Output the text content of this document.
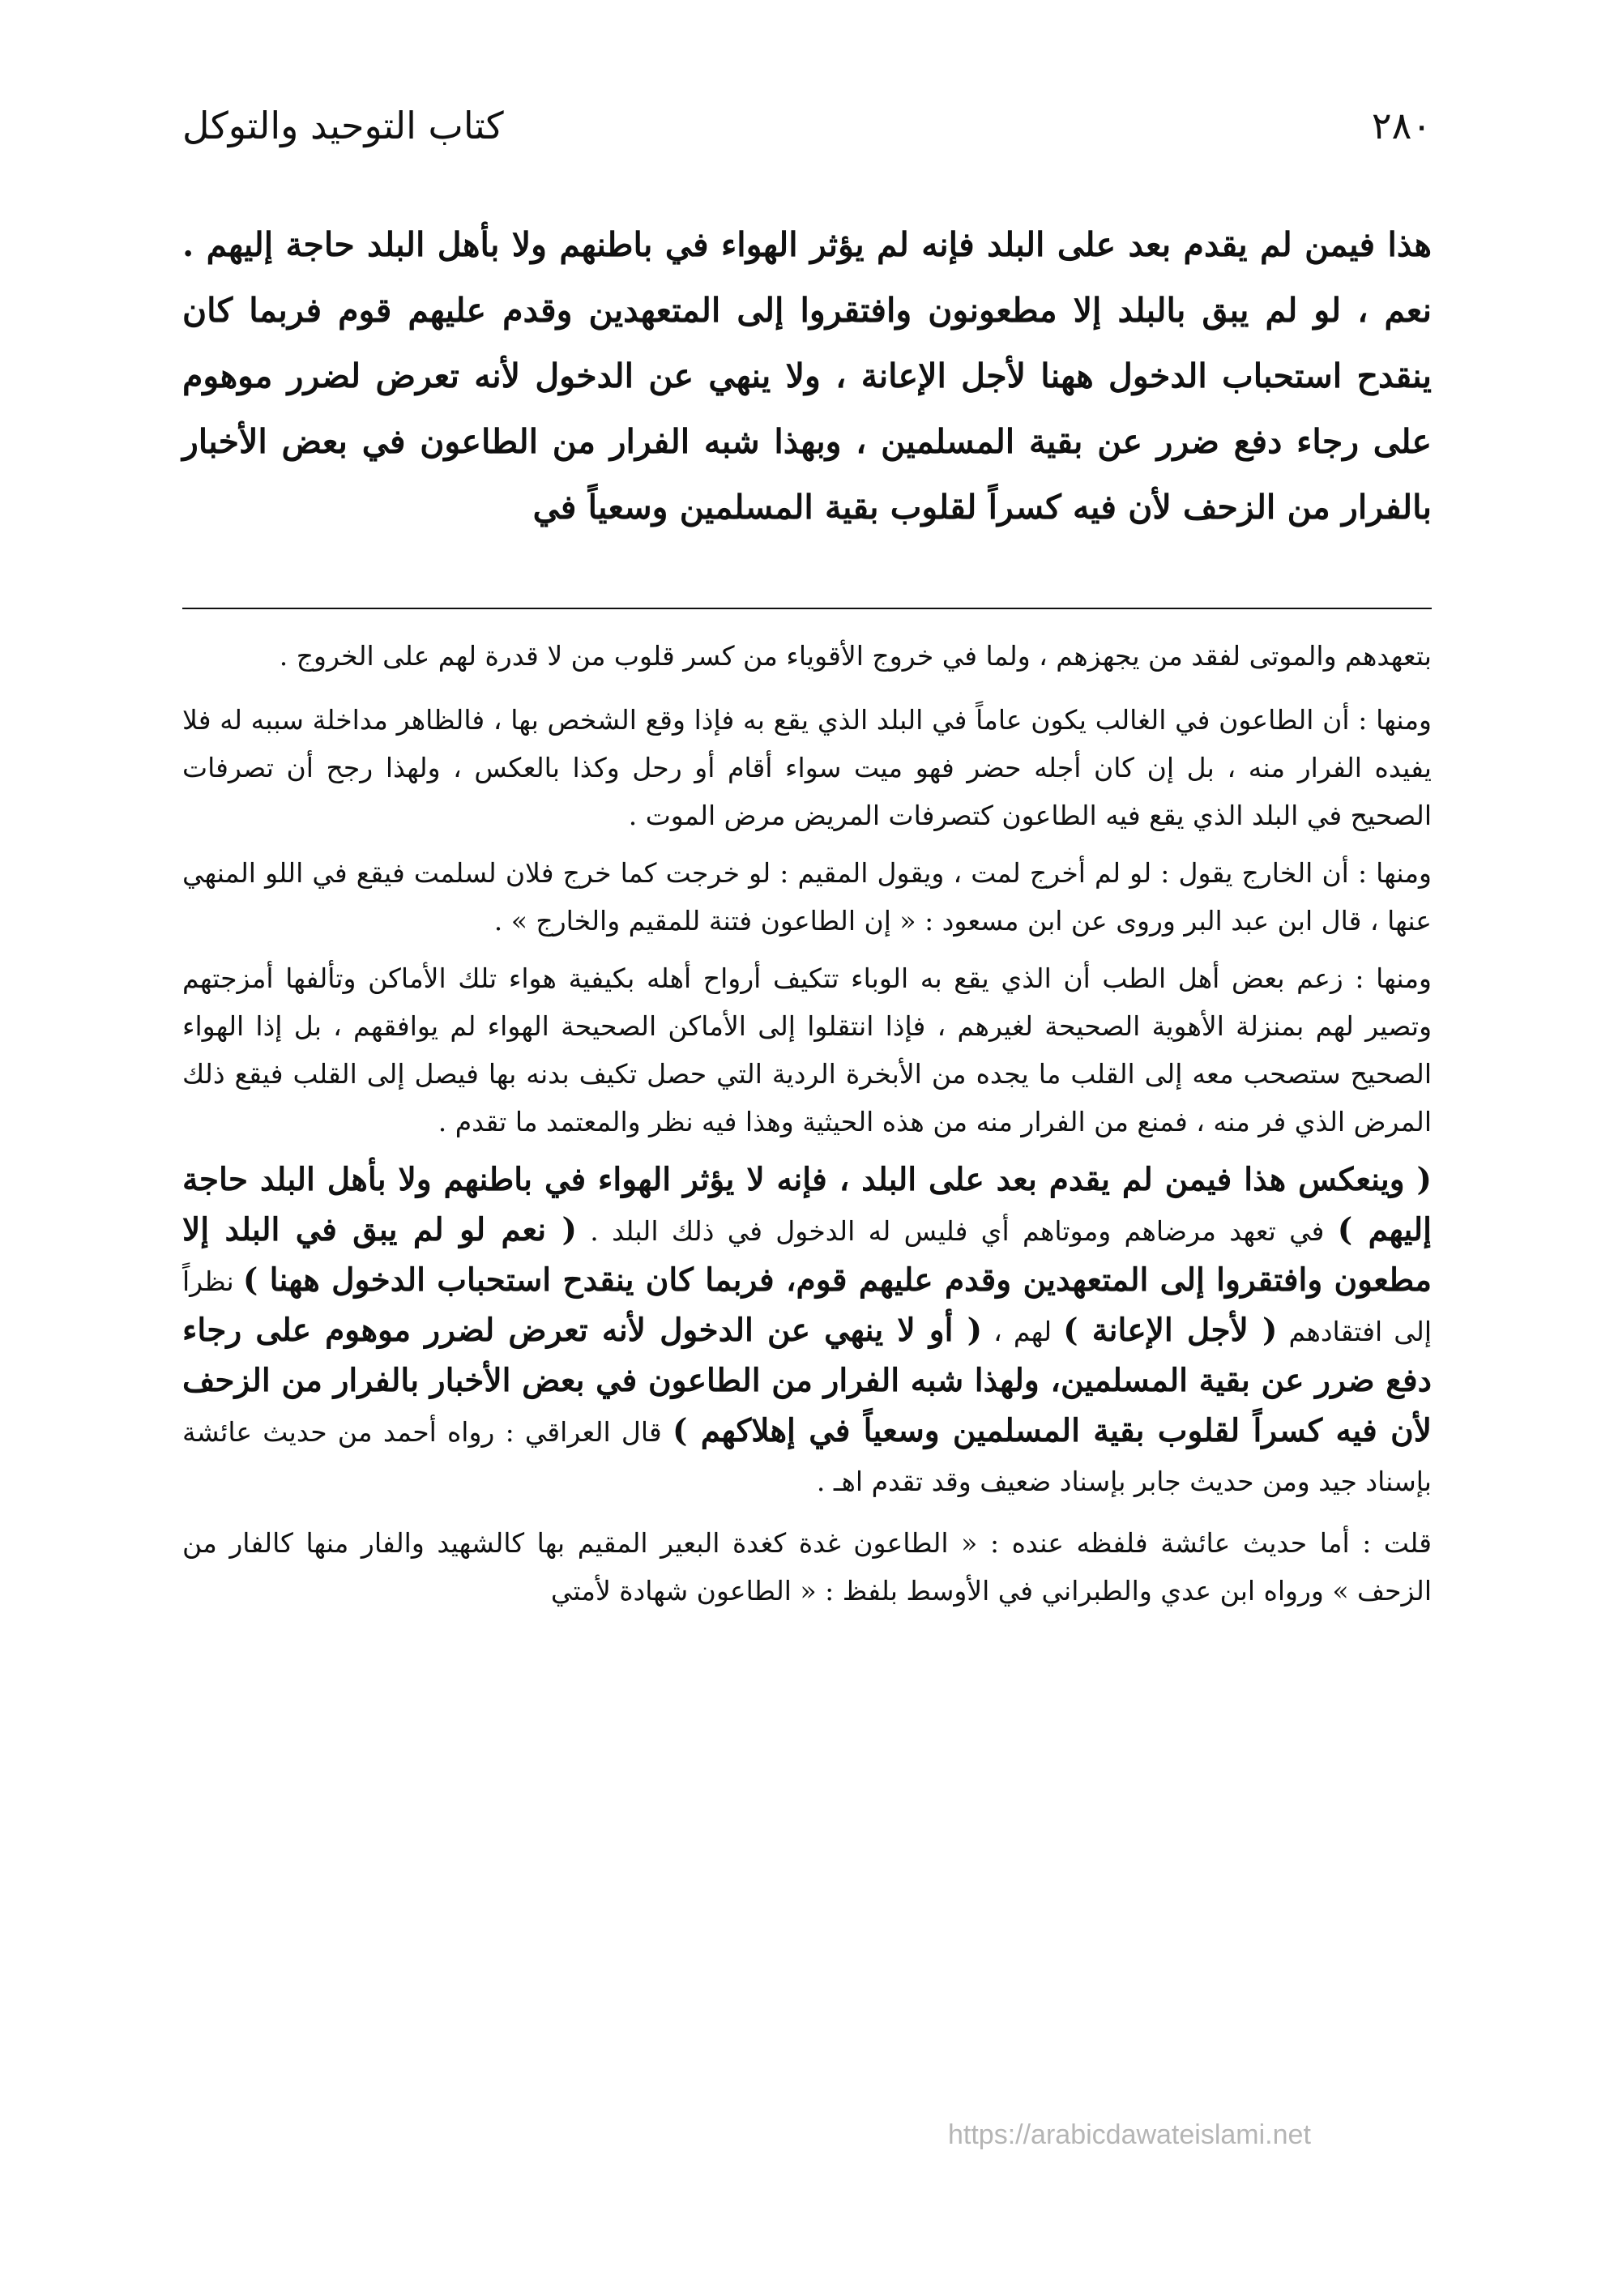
٢٨٠
كتاب التوحيد والتوكل
هذا فيمن لم يقدم بعد على البلد فإنه لم يؤثر الهواء في باطنهم ولا بأهل البلد حاجة إليهم . نعم ، لو لم يبق بالبلد إلا مطعونون وافتقروا إلى المتعهدين وقدم عليهم قوم فربما كان ينقدح استحباب الدخول ههنا لأجل الإعانة ، ولا ينهي عن الدخول لأنه تعرض لضرر موهوم على رجاء دفع ضرر عن بقية المسلمين ، وبهذا شبه الفرار من الطاعون في بعض الأخبار بالفرار من الزحف لأن فيه كسراً لقلوب بقية المسلمين وسعياً في

بتعهدهم والموتى لفقد من يجهزهم ، ولما في خروج الأقوياء من كسر قلوب من لا قدرة لهم على الخروج .

ومنها : أن الطاعون في الغالب يكون عاماً في البلد الذي يقع به فإذا وقع الشخص بها ، فالظاهر مداخلة سببه له فلا يفيده الفرار منه ، بل إن كان أجله حضر فهو ميت سواء أقام أو رحل وكذا بالعكس ، ولهذا رجح أن تصرفات الصحيح في البلد الذي يقع فيه الطاعون كتصرفات المريض مرض الموت .

ومنها : أن الخارج يقول : لو لم أخرج لمت ، ويقول المقيم : لو خرجت كما خرج فلان لسلمت فيقع في اللو المنهي عنها ، قال ابن عبد البر وروى عن ابن مسعود : « إن الطاعون فتنة للمقيم والخارج » .

ومنها : زعم بعض أهل الطب أن الذي يقع به الوباء تتكيف أرواح أهله بكيفية هواء تلك الأماكن وتألفها أمزجتهم وتصير لهم بمنزلة الأهوية الصحيحة لغيرهم ، فإذا انتقلوا إلى الأماكن الصحيحة الهواء لم يوافقهم ، بل إذا الهواء الصحيح ستصحب معه إلى القلب ما يجده من الأبخرة الردية التي حصل تكيف بدنه بها فيصل إلى القلب فيقع ذلك المرض الذي فر منه ، فمنع من الفرار منه من هذه الحيثية وهذا فيه نظر والمعتمد ما تقدم .

( وينعكس هذا فيمن لم يقدم بعد على البلد ، فإنه لا يؤثر الهواء في باطنهم ولا بأهل البلد حاجة إليهم ) في تعهد مرضاهم وموتاهم أي فليس له الدخول في ذلك البلد . ( نعم لو لم يبق في البلد إلا مطعون وافتقروا إلى المتعهدين وقدم عليهم قوم، فربما كان ينقدح استحباب الدخول ههنا ) نظراً إلى افتقادهم ( لأجل الإعانة ) لهم ، ( أو لا ينهي عن الدخول لأنه تعرض لضرر موهوم على رجاء دفع ضرر عن بقية المسلمين، ولهذا شبه الفرار من الطاعون في بعض الأخبار بالفرار من الزحف لأن فيه كسراً لقلوب بقية المسلمين وسعياً في إهلاكهم ) قال العراقي : رواه أحمد من حديث عائشة بإسناد جيد ومن حديث جابر بإسناد ضعيف وقد تقدم اهـ .

قلت : أما حديث عائشة فلفظه عنده : « الطاعون غدة كغدة البعير المقيم بها كالشهيد والفار منها كالفار من الزحف » ورواه ابن عدي والطبراني في الأوسط بلفظ : « الطاعون شهادة لأمتي

https://arabicdawateislami.net
